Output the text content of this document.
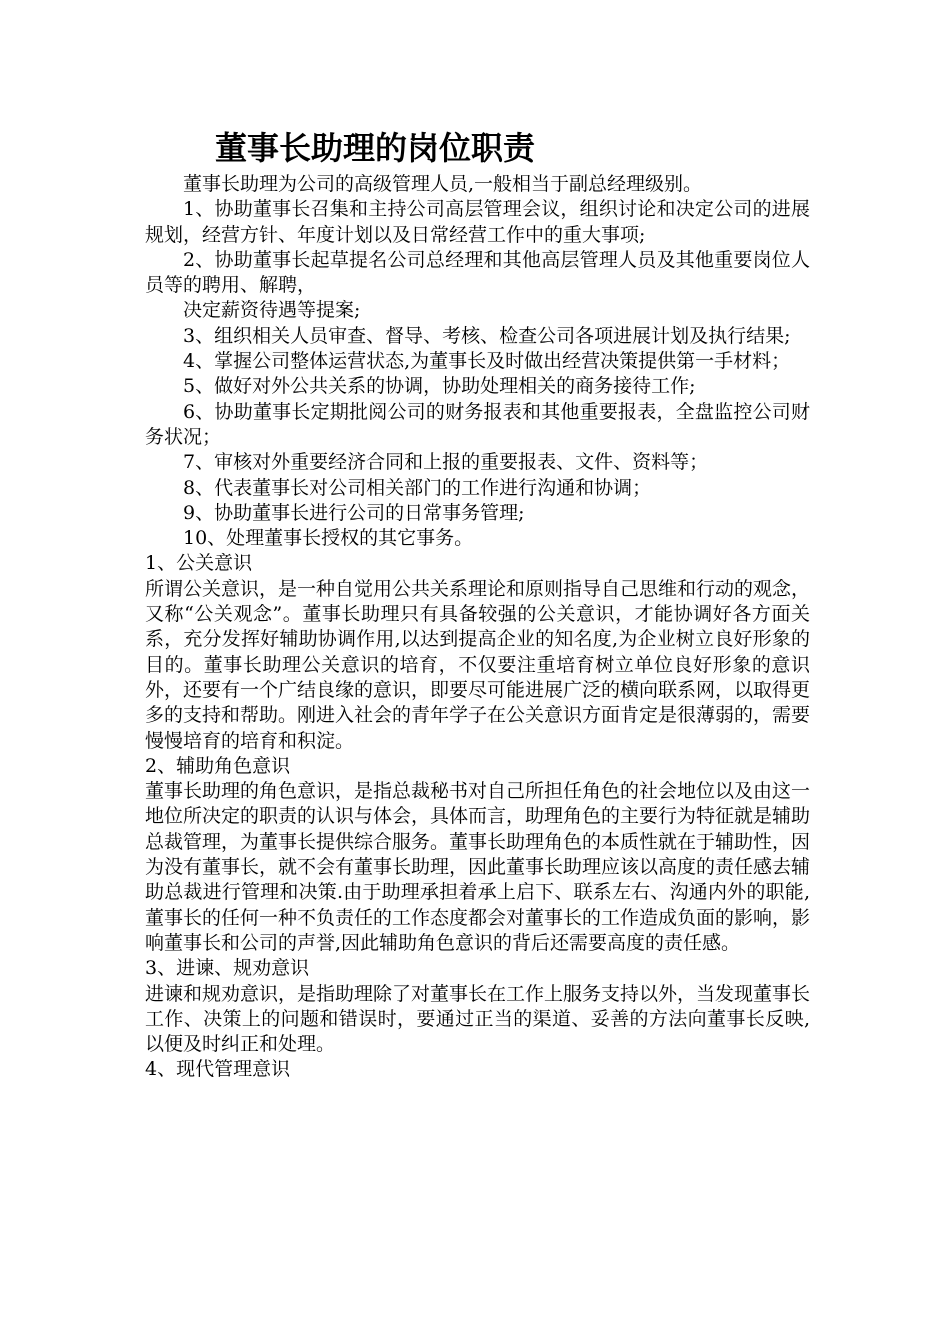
董事长助理的岗位职责

董事长助理为公司的高级管理人员,一般相当于副总经理级别。

1、协助董事长召集和主持公司高层管理会议，组织讨论和决定公司的进展规划，经营方针、年度计划以及日常经营工作中的重大事项;

2、协助董事长起草提名公司总经理和其他高层管理人员及其他重要岗位人员等的聘用、解聘，

决定薪资待遇等提案;

3、组织相关人员审查、督导、考核、检查公司各项进展计划及执行结果;

4、掌握公司整体运营状态,为董事长及时做出经营决策提供第一手材料；

5、做好对外公共关系的协调，协助处理相关的商务接待工作;

6、协助董事长定期批阅公司的财务报表和其他重要报表，全盘监控公司财务状况；

7、审核对外重要经济合同和上报的重要报表、文件、资料等；

8、代表董事长对公司相关部门的工作进行沟通和协调；

9、协助董事长进行公司的日常事务管理;

10、处理董事长授权的其它事务。

1、公关意识

所谓公关意识，是一种自觉用公共关系理论和原则指导自己思维和行动的观念，又称“公关观念”。董事长助理只有具备较强的公关意识，才能协调好各方面关系，充分发挥好辅助协调作用,以达到提高企业的知名度,为企业树立良好形象的目的。董事长助理公关意识的培育，不仅要注重培育树立单位良好形象的意识外，还要有一个广结良缘的意识，即要尽可能进展广泛的横向联系网，以取得更多的支持和帮助。刚进入社会的青年学子在公关意识方面肯定是很薄弱的，需要慢慢培育的培育和积淀。

2、辅助角色意识

董事长助理的角色意识，是指总裁秘书对自己所担任角色的社会地位以及由这一地位所决定的职责的认识与体会，具体而言，助理角色的主要行为特征就是辅助总裁管理，为董事长提供综合服务。董事长助理角色的本质性就在于辅助性，因为没有董事长，就不会有董事长助理，因此董事长助理应该以高度的责任感去辅助总裁进行管理和决策.由于助理承担着承上启下、联系左右、沟通内外的职能,董事长的任何一种不负责任的工作态度都会对董事长的工作造成负面的影响，影响董事长和公司的声誉,因此辅助角色意识的背后还需要高度的责任感。

3、进谏、规劝意识

进谏和规劝意识，是指助理除了对董事长在工作上服务支持以外，当发现董事长工作、决策上的问题和错误时，要通过正当的渠道、妥善的方法向董事长反映,以便及时纠正和处理。

4、现代管理意识
